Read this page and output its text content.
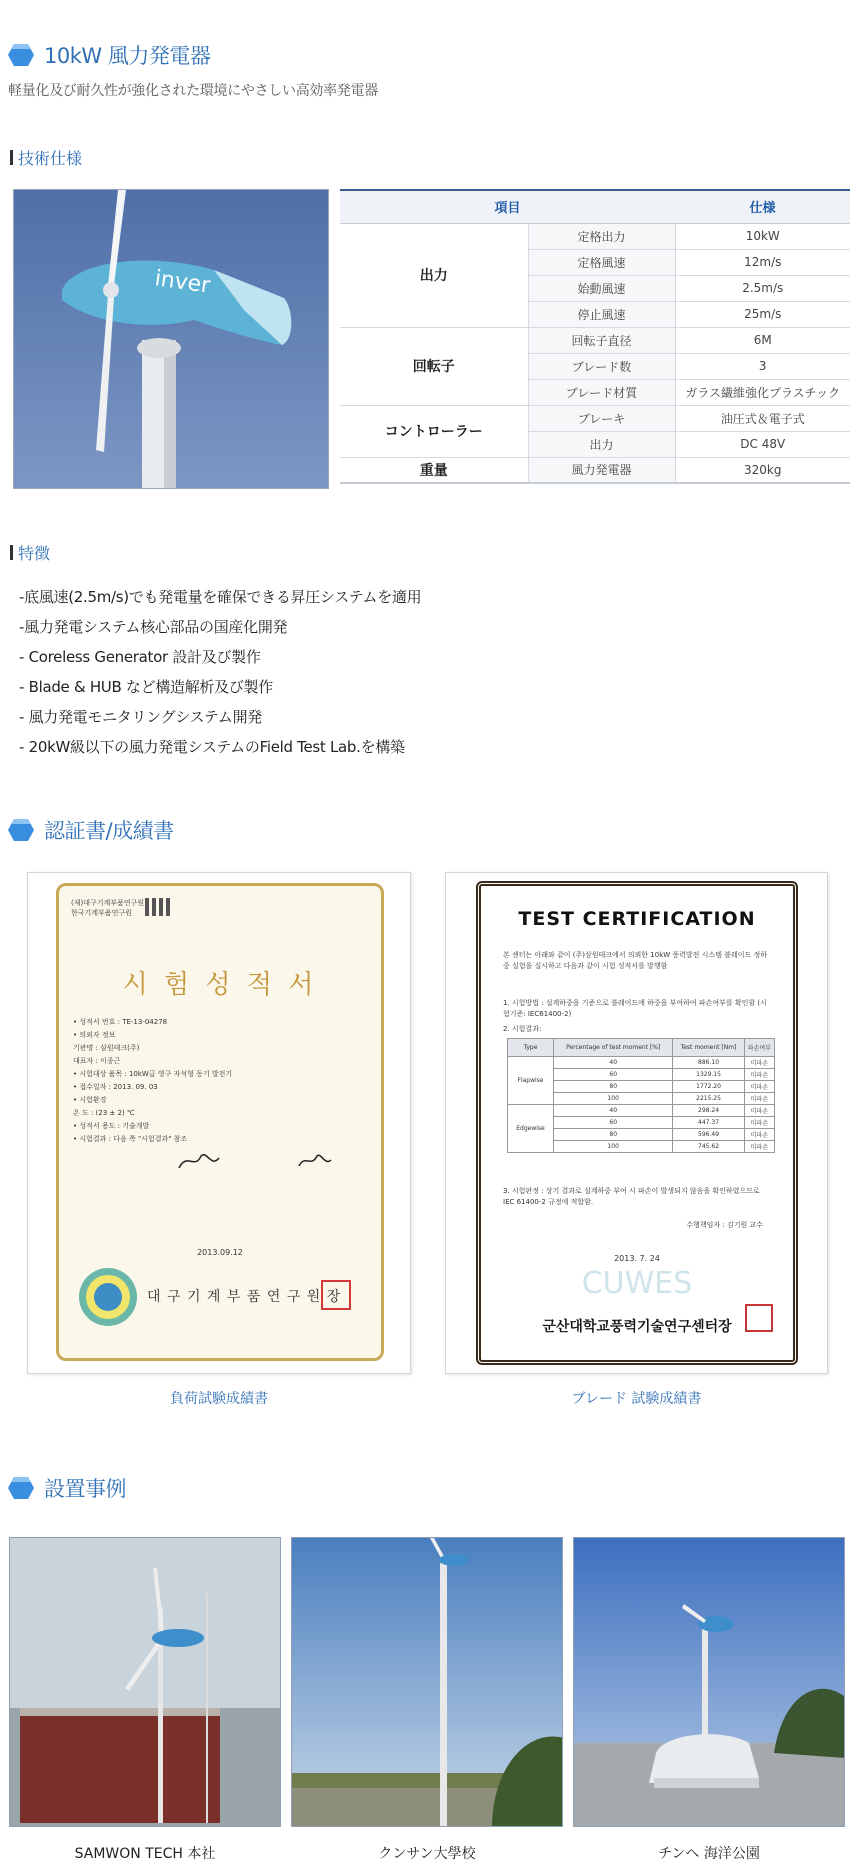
10kW 風力発電器
軽量化及び耐久性が強化された環境にやさしい高効率発電器
技術仕様
inver
項目		仕様
出力	定格出力	10kW
	定格風速	12m/s
	始動風速	2.5m/s
	停止風速	25m/s
回転子	回転子直径	6M
	ブレード数	3
	ブレード材質	ガラス繊維強化プラスチック
コントローラー	ブレーキ	油圧式＆電子式
	出力	DC 48V
重量	風力発電器	320kg
特徴
-底風速(2.5m/s)でも発電量を確保できる昇圧システムを適用
-風力発電システム核心部品の国産化開発
- Coreless Generator 設計及び製作
- Blade & HUB など構造解析及び製作
- 風力発電モニタリングシステム開発
- 20kW級以下の風力発電システムのField Test Lab.を構築
認証書/成績書
(재)대구기계부품연구원
한국기계부품연구원
시 험 성 적 서
• 성적서 번호 : TE-13-04278
• 의뢰자 정보
기관명 : 삼원테크(주)
대표자 : 이종근
• 시험대상 품목 : 10kW급 영구 자석형 동기 발전기
• 접수일자 : 2013. 09. 03
• 시험환경
온 도 : (23 ± 2) ℃
• 성적서 용도 : 기술개발
• 시험결과 : 다음 쪽 "시험결과" 참조
2013.09.12
대 구 기 계 부 품 연 구 원 장
負荷試験成績書
TEST CERTIFICATION
본 센터는 아래와 같이 (주)삼원테크에서 의뢰한 10kW 풍력발전 시스템 블레이드 정하중 실험을 실시하고 다음과 같이 시험 성적서를 발행함
1. 시험방법 : 설계하중을 기준으로 블레이드에 하중을 부여하여 파손여부를 확인함 (시험기준: IEC61400-2)
2. 시험결과:
Type	Percentage of test moment [%]	Test moment [Nm]	파손여부
Flapwise	40	886.10	미파손
	60	1329.15	미파손
	80	1772.20	미파손
	100	2215.25	미파손
Edgewise	40	298.24	미파손
	60	447.37	미파손
	80	596.49	미파손
	100	745.62	미파손
3. 시험판정 : 상기 결과로 설계하중 부여 시 파손이 발생되지 않음을 확인하였으므로 IEC 61400-2 규정에 적합함.
수행책임자 : 김기원 교수
2013. 7. 24
CUWES
군산대학교풍력기술연구센터장
ブレード 試験成績書
設置事例
SAMWON TECH 本社	クンサン大學校	チンヘ 海洋公園
